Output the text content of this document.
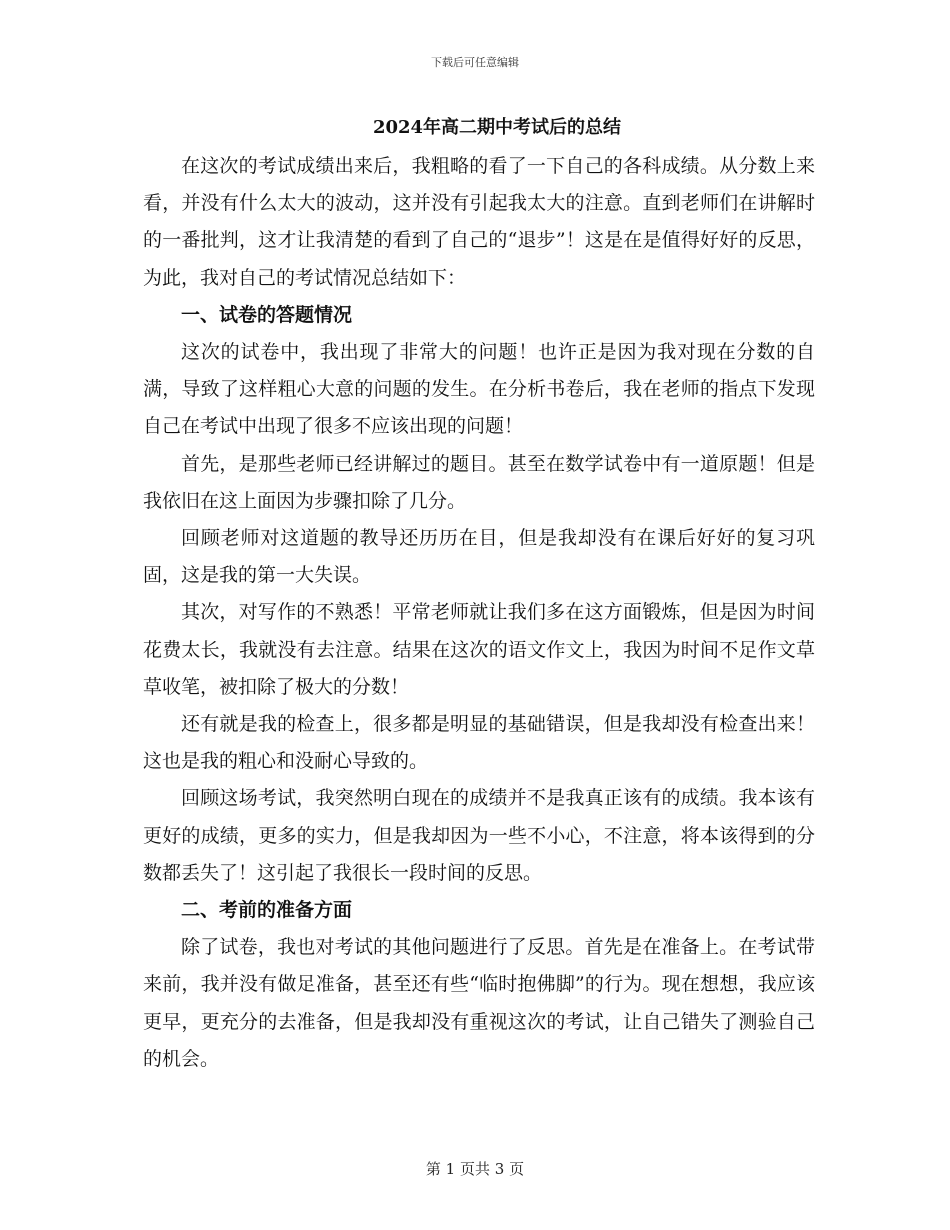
下载后可任意编辑
2024年高二期中考试后的总结

在这次的考试成绩出来后，我粗略的看了一下自己的各科成绩。从分数上来看，并没有什么太大的波动，这并没有引起我太大的注意。直到老师们在讲解时的一番批判，这才让我清楚的看到了自己的“退步”！这是在是值得好好的反思，为此，我对自己的考试情况总结如下：

一、试卷的答题情况

这次的试卷中，我出现了非常大的问题！也许正是因为我对现在分数的自满，导致了这样粗心大意的问题的发生。在分析书卷后，我在老师的指点下发现自己在考试中出现了很多不应该出现的问题！

首先，是那些老师已经讲解过的题目。甚至在数学试卷中有一道原题！但是我依旧在这上面因为步骤扣除了几分。

回顾老师对这道题的教导还历历在目，但是我却没有在课后好好的复习巩固，这是我的第一大失误。

其次，对写作的不熟悉！平常老师就让我们多在这方面锻炼，但是因为时间花费太长，我就没有去注意。结果在这次的语文作文上，我因为时间不足作文草草收笔，被扣除了极大的分数！

还有就是我的检查上，很多都是明显的基础错误，但是我却没有检查出来！这也是我的粗心和没耐心导致的。

回顾这场考试，我突然明白现在的成绩并不是我真正该有的成绩。我本该有更好的成绩，更多的实力，但是我却因为一些不小心，不注意，将本该得到的分数都丢失了！这引起了我很长一段时间的反思。

二、考前的准备方面

除了试卷，我也对考试的其他问题进行了反思。首先是在准备上。在考试带来前，我并没有做足准备，甚至还有些“临时抱佛脚”的行为。现在想想，我应该更早，更充分的去准备，但是我却没有重视这次的考试，让自己错失了测验自己的机会。

第 1 页共 3 页
